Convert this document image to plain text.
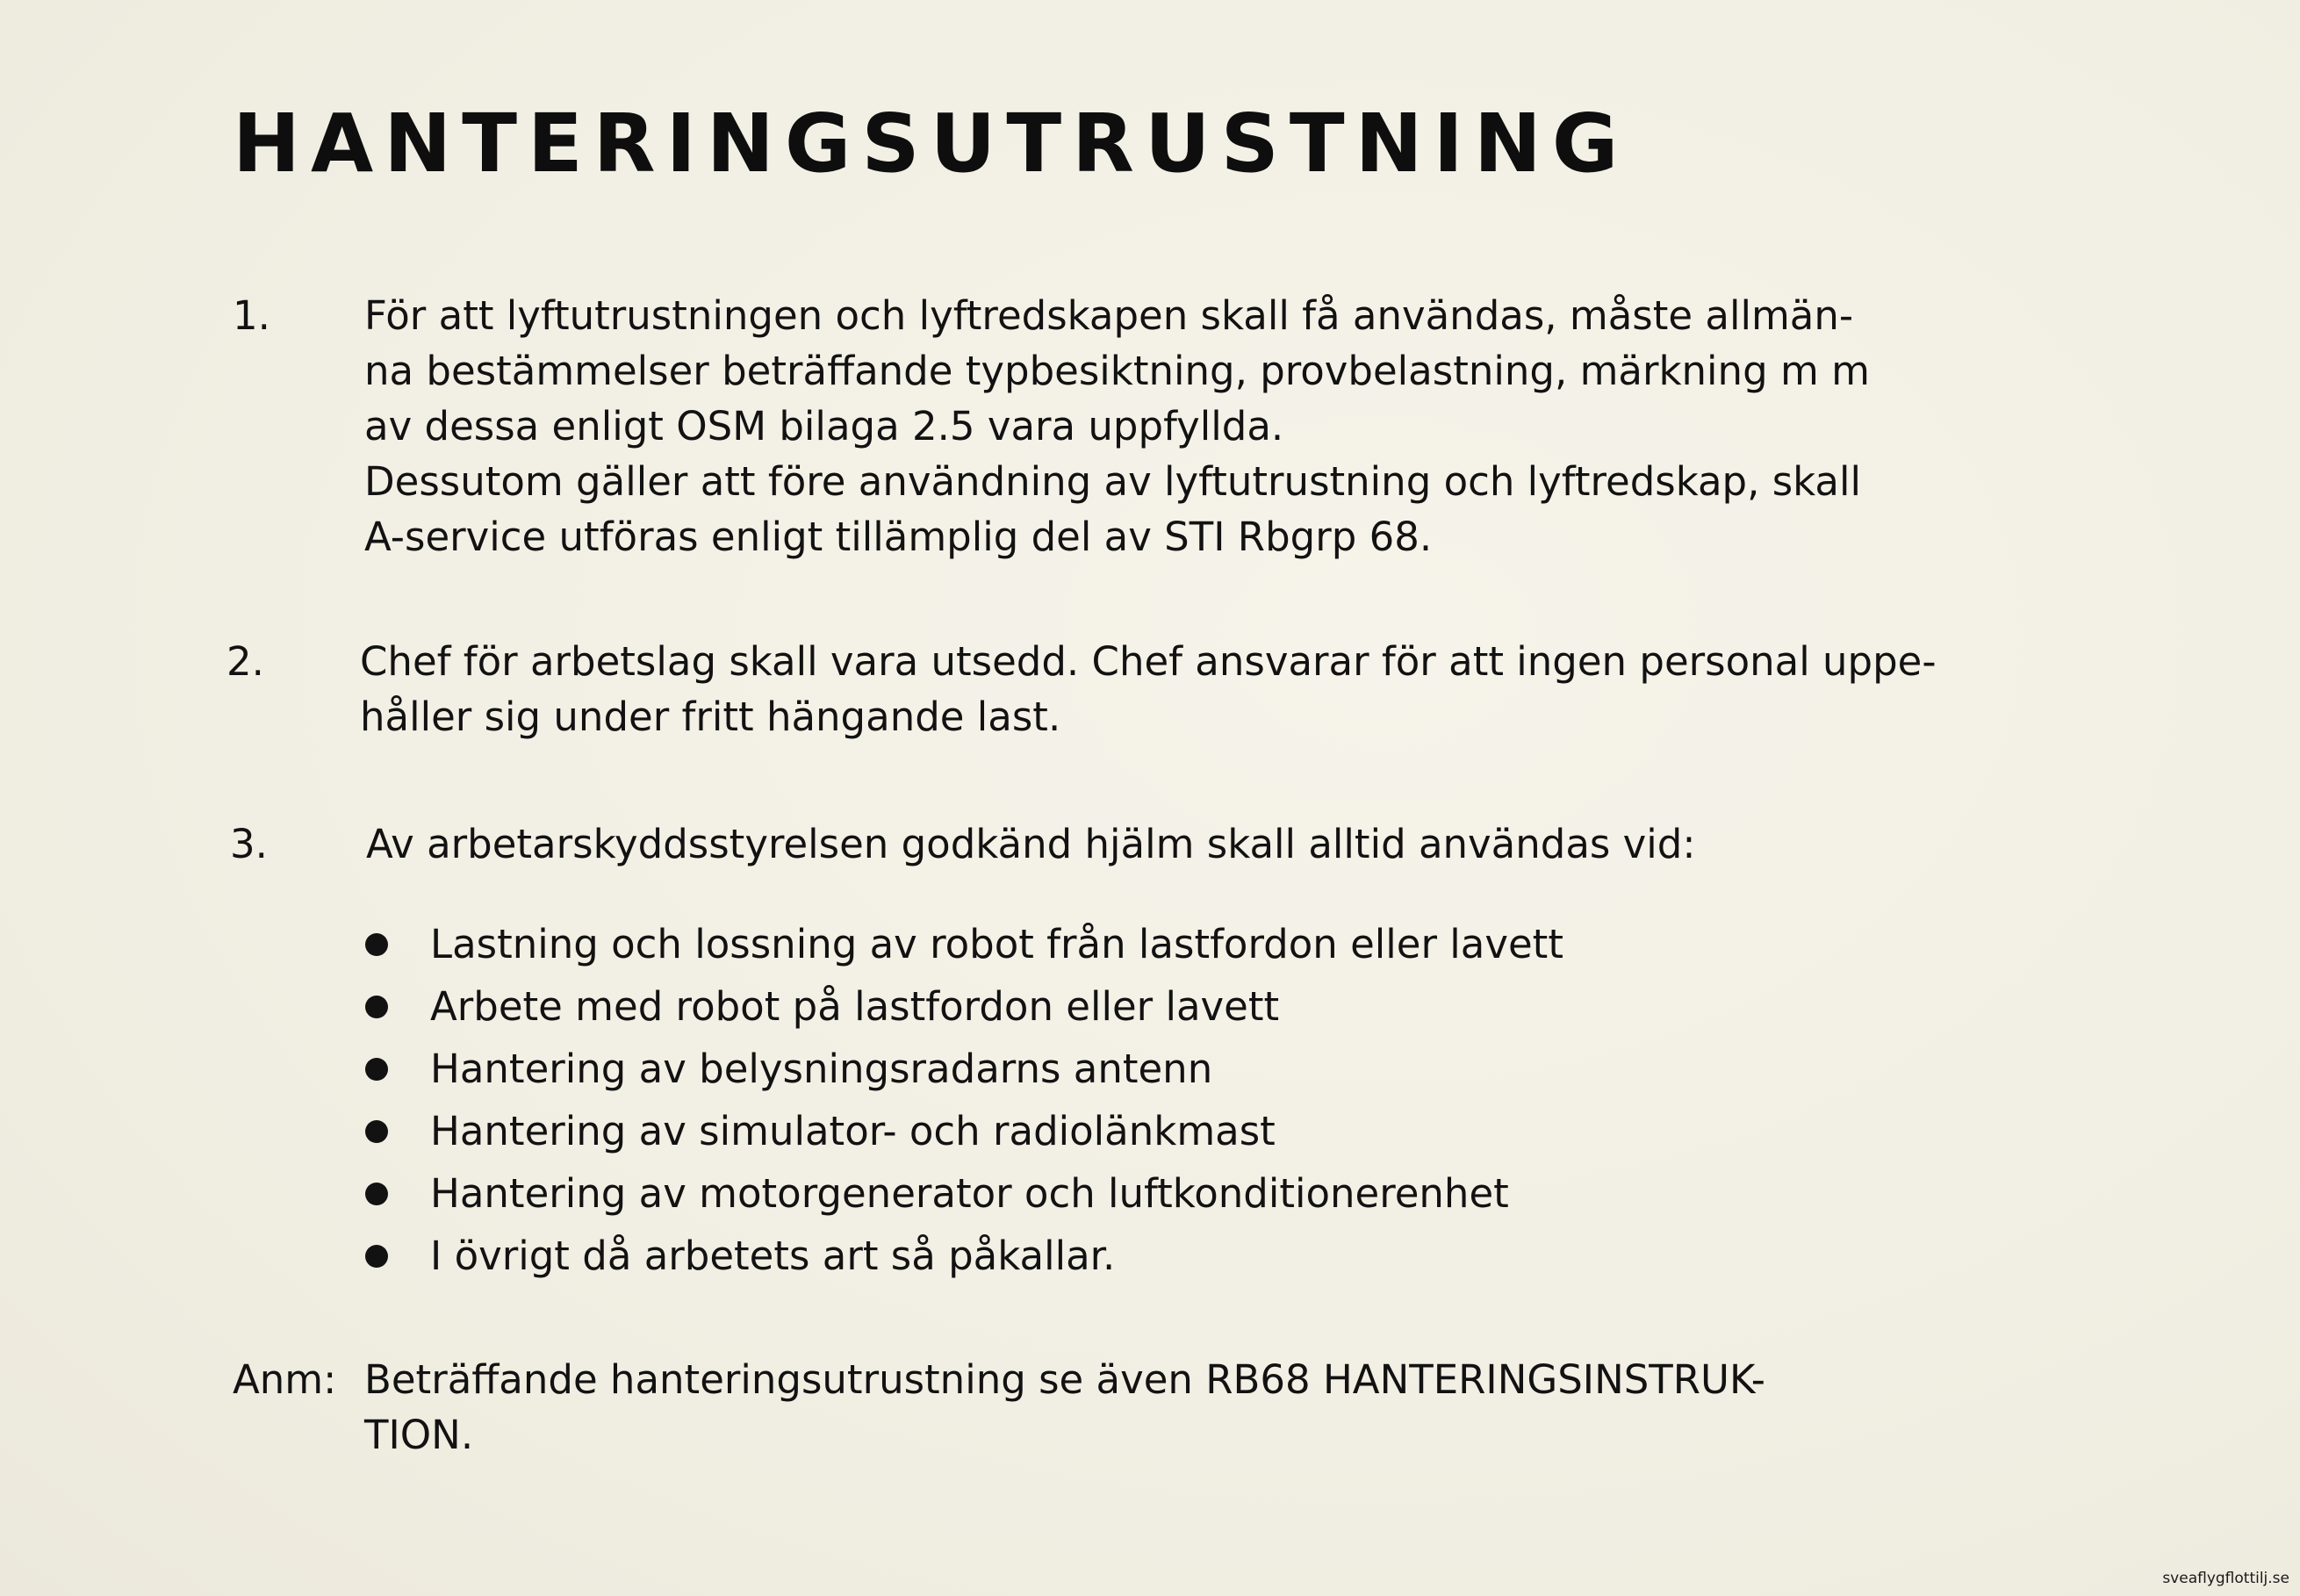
HANTERINGSUTRUSTNING
1. För att lyftutrustningen och lyftredskapen skall få användas, måste allmän-
na bestämmelser beträffande typbesiktning, provbelastning, märkning m m
av dessa enligt OSM bilaga 2.5 vara uppfyllda.
Dessutom gäller att före användning av lyftutrustning och lyftredskap, skall
A-service utföras enligt tillämplig del av STI Rbgrp 68.
2. Chef för arbetslag skall vara utsedd. Chef ansvarar för att ingen personal uppe-
håller sig under fritt hängande last.
3. Av arbetarskyddsstyrelsen godkänd hjälm skall alltid användas vid:
Lastning och lossning av robot från lastfordon eller lavett
Arbete med robot på lastfordon eller lavett
Hantering av belysningsradarns antenn
Hantering av simulator- och radiolänkmast
Hantering av motorgenerator och luftkonditionerenhet
I övrigt då arbetets art så påkallar.
Anm: Beträffande hanteringsutrustning se även RB68 HANTERINGSINSTRUK-
TION.
sveaflygflottilj.se
